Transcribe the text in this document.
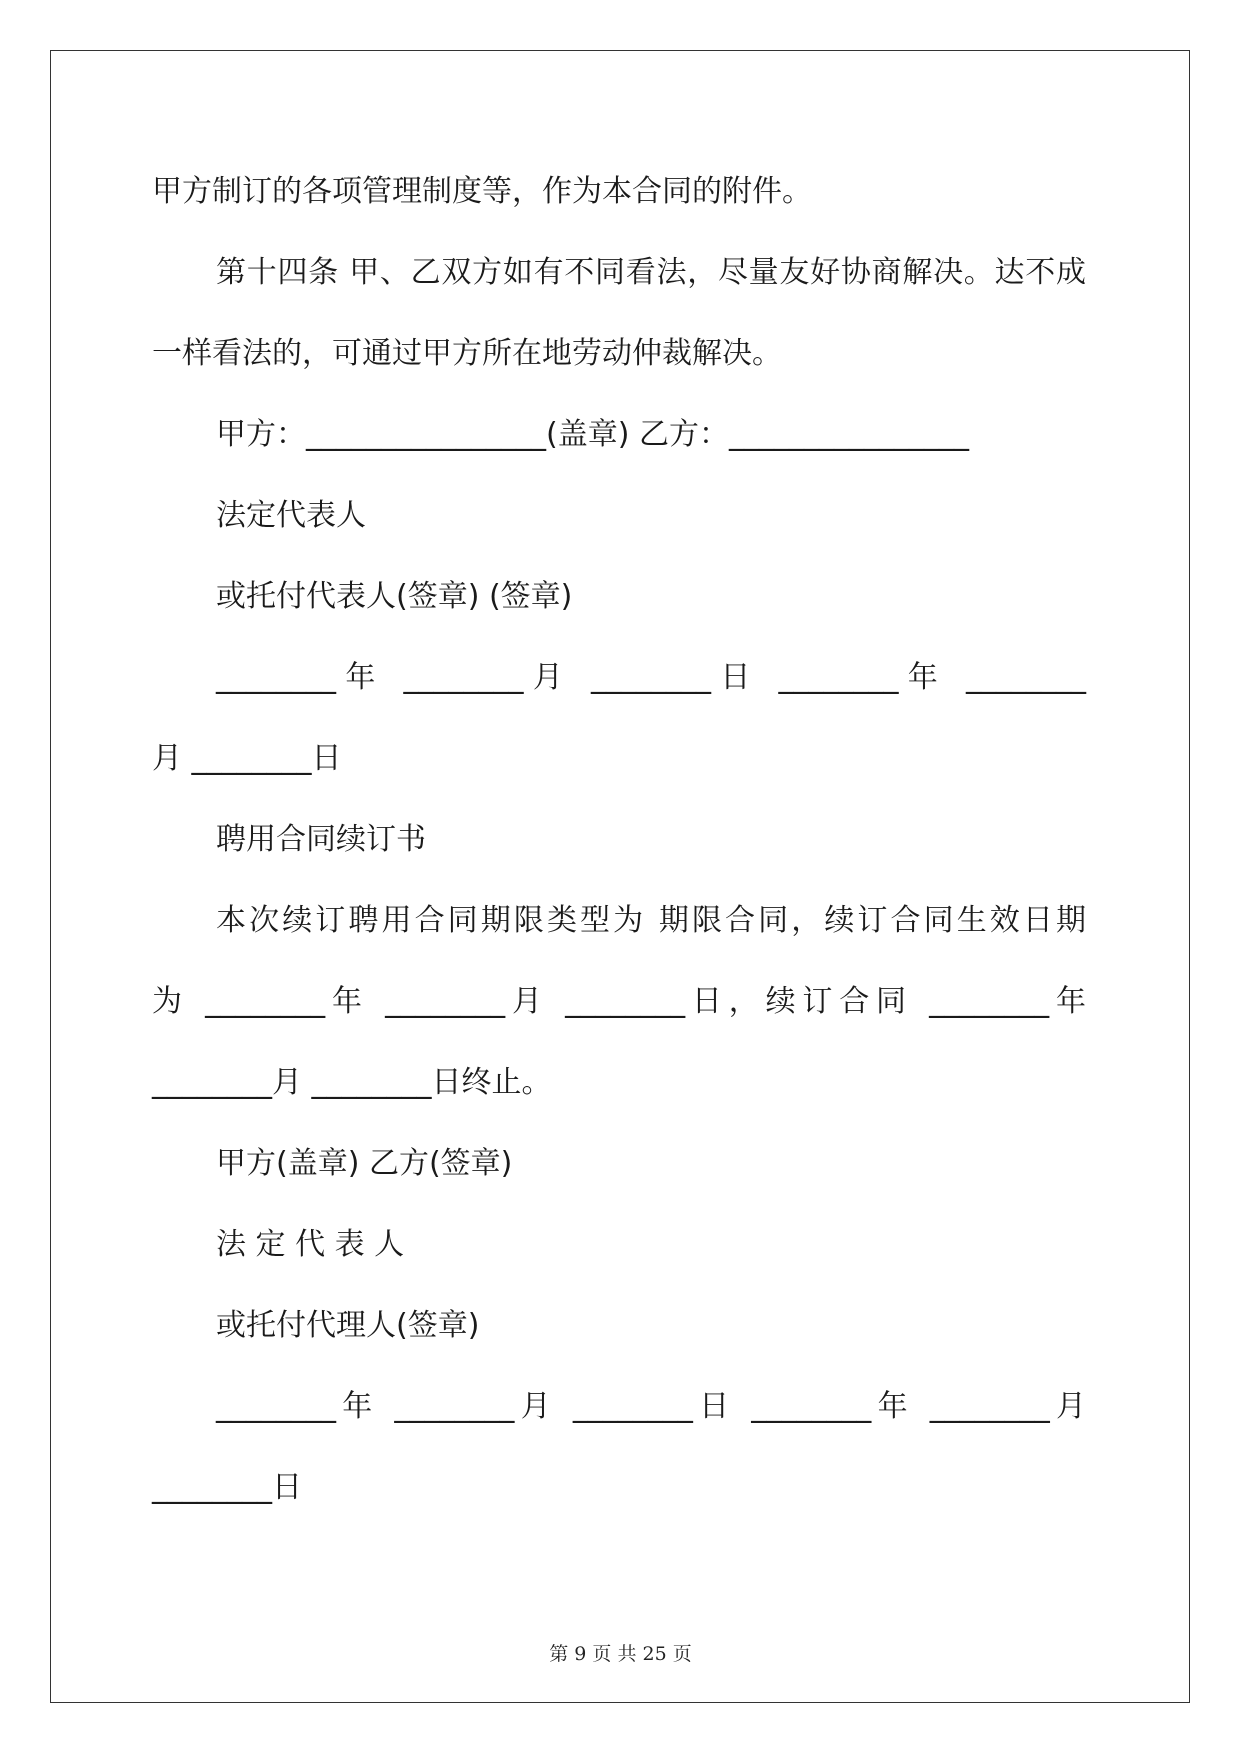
甲方制订的各项管理制度等，作为本合同的附件。
第十四条 甲、乙双方如有不同看法，尽量友好协商解决。达不成
一样看法的，可通过甲方所在地劳动仲裁解决。
甲方：________________(盖章) 乙方：________________
法定代表人
或托付代表人(签章) (签章)
________年 ________月 ________日 ________年 ________
月 ________日
聘用合同续订书
本次续订聘用合同期限类型为 期限合同，续订合同生效日期
为 ________年 ________月 ________日，续订合同 ________年
________月 ________日终止。
甲方(盖章) 乙方(签章)
法 定 代 表 人
或托付代理人(签章)
________年 ________月 ________日 ________年 ________月
________日
第 9 页 共 25 页
